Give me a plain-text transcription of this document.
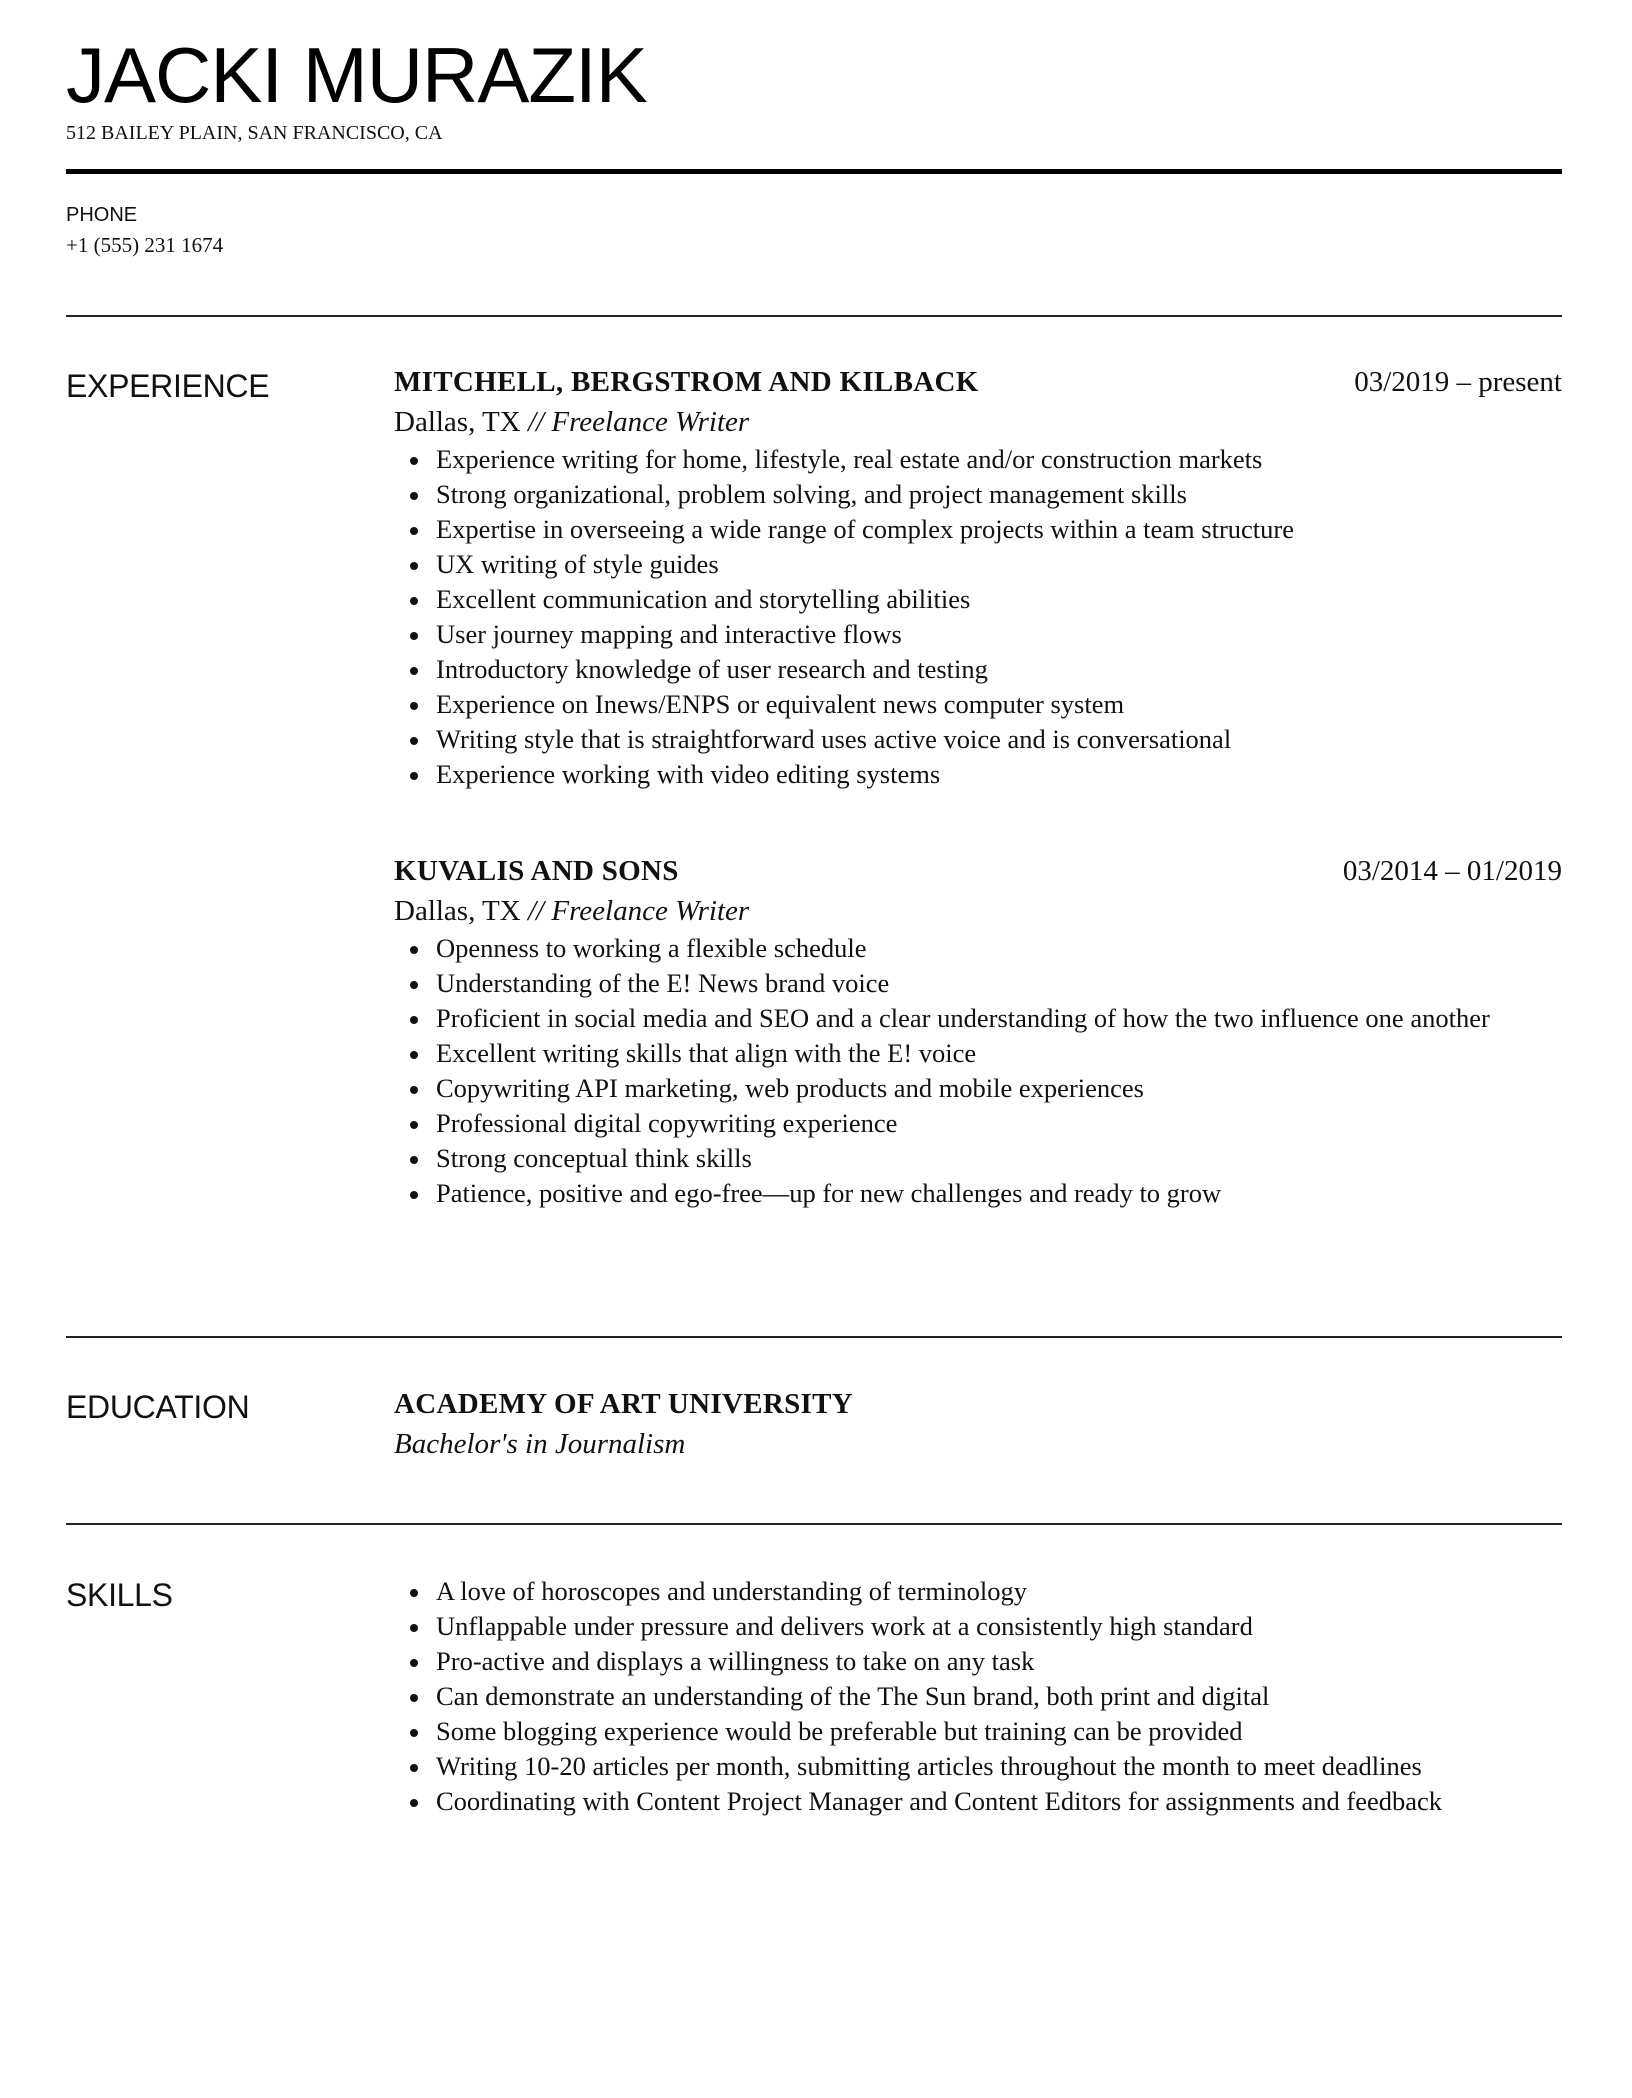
JACKI MURAZIK
512 BAILEY PLAIN, SAN FRANCISCO, CA
PHONE
+1 (555) 231 1674
EXPERIENCE	MITCHELL, BERGSTROM AND KILBACK	03/2019 – present
Dallas, TX // Freelance Writer
Experience writing for home, lifestyle, real estate and/or construction markets
Strong organizational, problem solving, and project management skills
Expertise in overseeing a wide range of complex projects within a team structure
UX writing of style guides
Excellent communication and storytelling abilities
User journey mapping and interactive flows
Introductory knowledge of user research and testing
Experience on Inews/ENPS or equivalent news computer system
Writing style that is straightforward uses active voice and is conversational
Experience working with video editing systems
KUVALIS AND SONS	03/2014 – 01/2019
Dallas, TX // Freelance Writer
Openness to working a flexible schedule
Understanding of the E! News brand voice
Proficient in social media and SEO and a clear understanding of how the two influence one another
Excellent writing skills that align with the E! voice
Copywriting API marketing, web products and mobile experiences
Professional digital copywriting experience
Strong conceptual think skills
Patience, positive and ego-free—up for new challenges and ready to grow
EDUCATION	ACADEMY OF ART UNIVERSITY
Bachelor's in Journalism
SKILLS	A love of horoscopes and understanding of terminology
Unflappable under pressure and delivers work at a consistently high standard
Pro-active and displays a willingness to take on any task
Can demonstrate an understanding of the The Sun brand, both print and digital
Some blogging experience would be preferable but training can be provided
Writing 10-20 articles per month, submitting articles throughout the month to meet deadlines
Coordinating with Content Project Manager and Content Editors for assignments and feedback
